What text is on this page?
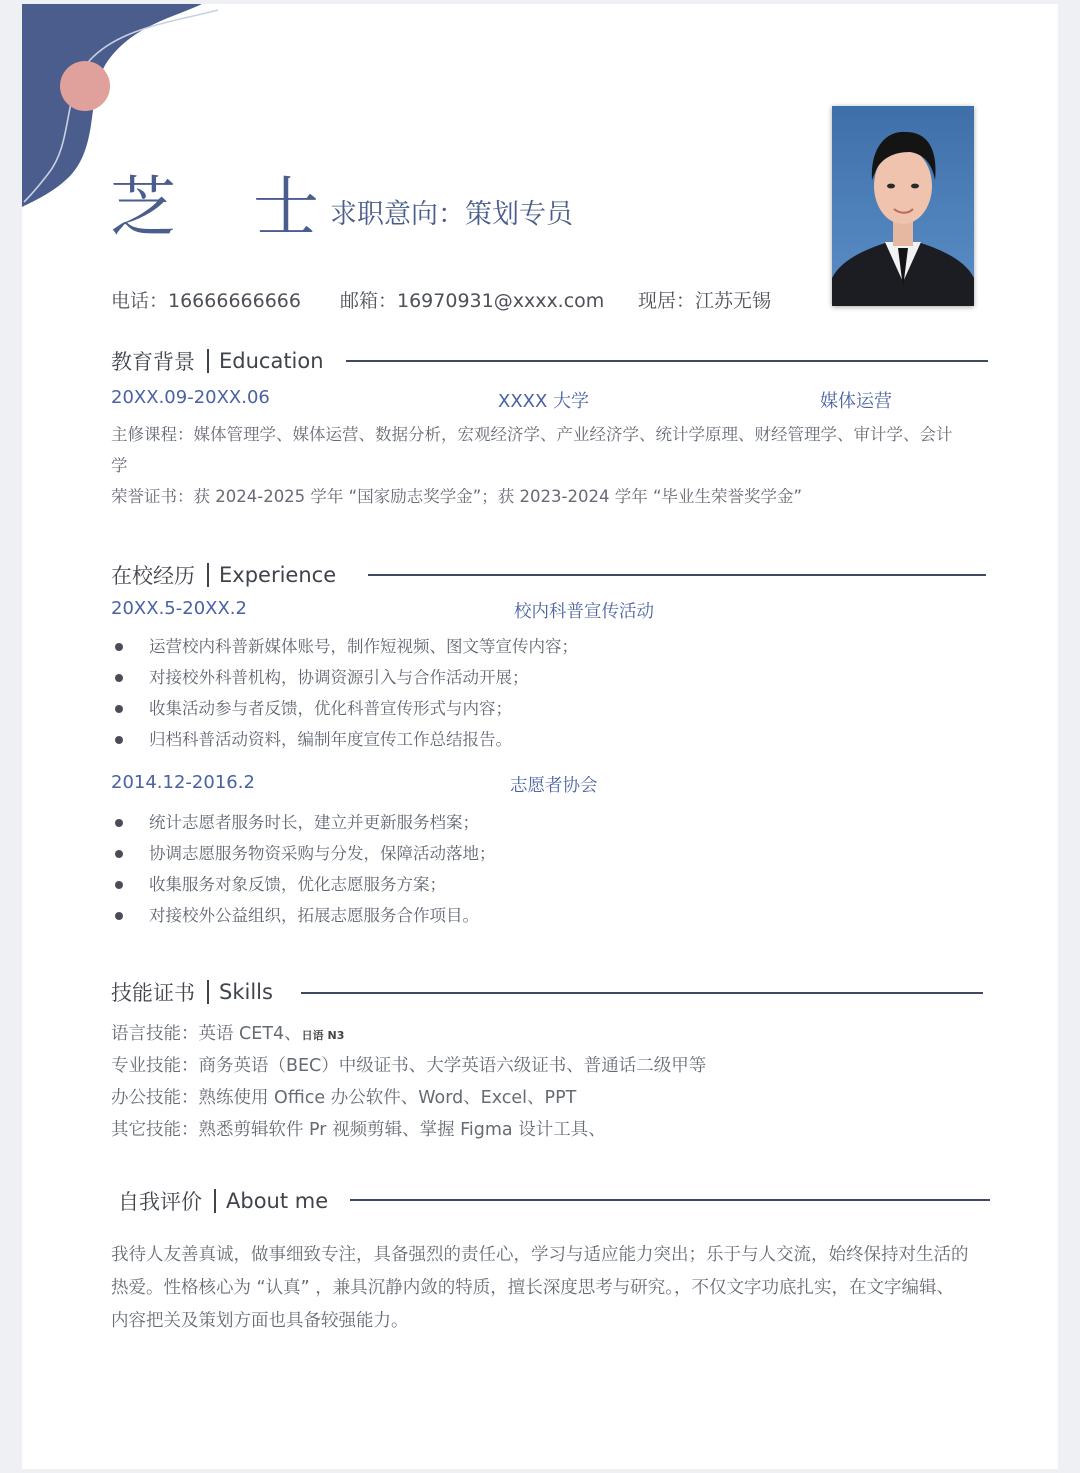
芝 士
求职意向：策划专员
电话：16666666666 邮箱：16970931@xxxx.com 现居：江苏无锡
教育背景 Education
20XX.09-20XX.06	XXXX 大学	媒体运营
主修课程：媒体管理学、媒体运营、数据分析，宏观经济学、产业经济学、统计学原理、财经管理学、审计学、会计学
荣誉证书：获 2024-2025 学年 “国家励志奖学金”；获 2023-2024 学年 “毕业生荣誉奖学金”
在校经历 Experience
20XX.5-20XX.2	校内科普宣传活动
运营校内科普新媒体账号，制作短视频、图文等宣传内容；
对接校外科普机构，协调资源引入与合作活动开展；
收集活动参与者反馈，优化科普宣传形式与内容；
归档科普活动资料，编制年度宣传工作总结报告。
2014.12-2016.2	志愿者协会
统计志愿者服务时长，建立并更新服务档案；
协调志愿服务物资采购与分发，保障活动落地；
收集服务对象反馈，优化志愿服务方案；
对接校外公益组织，拓展志愿服务合作项目。
技能证书 Skills
语言技能：英语 CET4、日语 N3
专业技能：商务英语（BEC）中级证书、大学英语六级证书、普通话二级甲等
办公技能：熟练使用 Office 办公软件、Word、Excel、PPT
其它技能：熟悉剪辑软件 Pr 视频剪辑、掌握 Figma 设计工具、
自我评价 About me
我待人友善真诚，做事细致专注，具备强烈的责任心，学习与适应能力突出；乐于与人交流，始终保持对生活的热爱。性格核心为 “认真” ，兼具沉静内敛的特质，擅长深度思考与研究。，不仅文字功底扎实，在文字编辑、内容把关及策划方面也具备较强能力。
